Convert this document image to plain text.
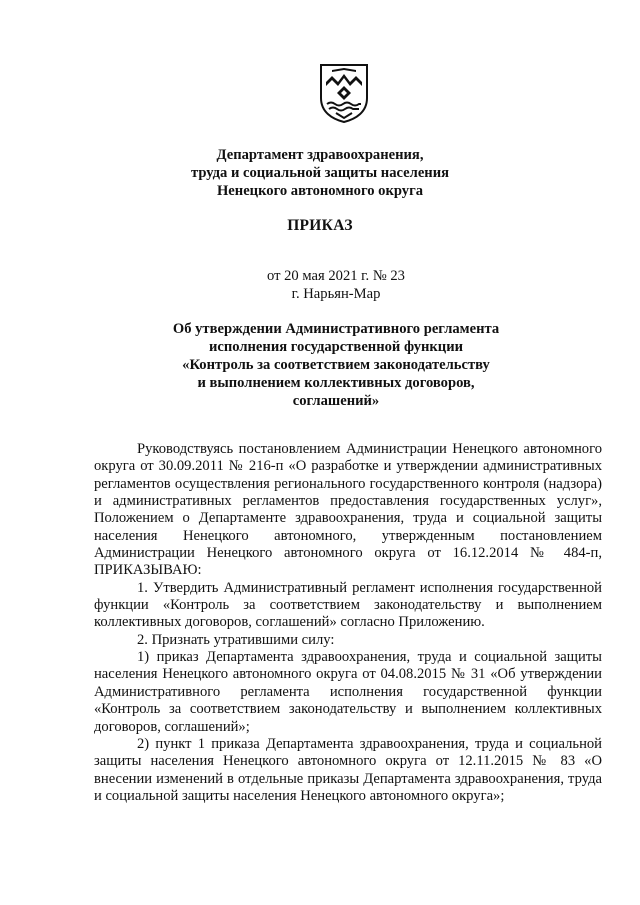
Департамент здравоохранения,
труда и социальной защиты населения
Ненецкого автономного округа
ПРИКАЗ
от 20 мая 2021 г. № 23
г. Нарьян-Мар
Об утверждении Административного регламента
исполнения государственной функции
«Контроль за соответствием законодательству
и выполнением коллективных договоров,
соглашений»

Руководствуясь постановлением Администрации Ненецкого автономного округа от 30.09.2011 № 216-п «О разработке и утверждении административных регламентов осуществления регионального государственного контроля (надзора) и административных регламентов предоставления государственных услуг», Положением о Департаменте здравоохранения, труда и социальной защиты населения Ненецкого автономного, утвержденным постановлением Администрации Ненецкого автономного округа от 16.12.2014 № 484-п, ПРИКАЗЫВАЮ:

1. Утвердить Административный регламент исполнения государственной функции «Контроль за соответствием законодательству и выполнением коллективных договоров, соглашений» согласно Приложению.

2. Признать утратившими силу:

1) приказ Департамента здравоохранения, труда и социальной защиты населения Ненецкого автономного округа от 04.08.2015 № 31 «Об утверждении Административного регламента исполнения государственной функции «Контроль за соответствием законодательству и выполнением коллективных договоров, соглашений»;

2) пункт 1 приказа Департамента здравоохранения, труда и социальной защиты населения Ненецкого автономного округа от 12.11.2015 № 83 «О внесении изменений в отдельные приказы Департамента здравоохранения, труда и социальной защиты населения Ненецкого автономного округа»;
